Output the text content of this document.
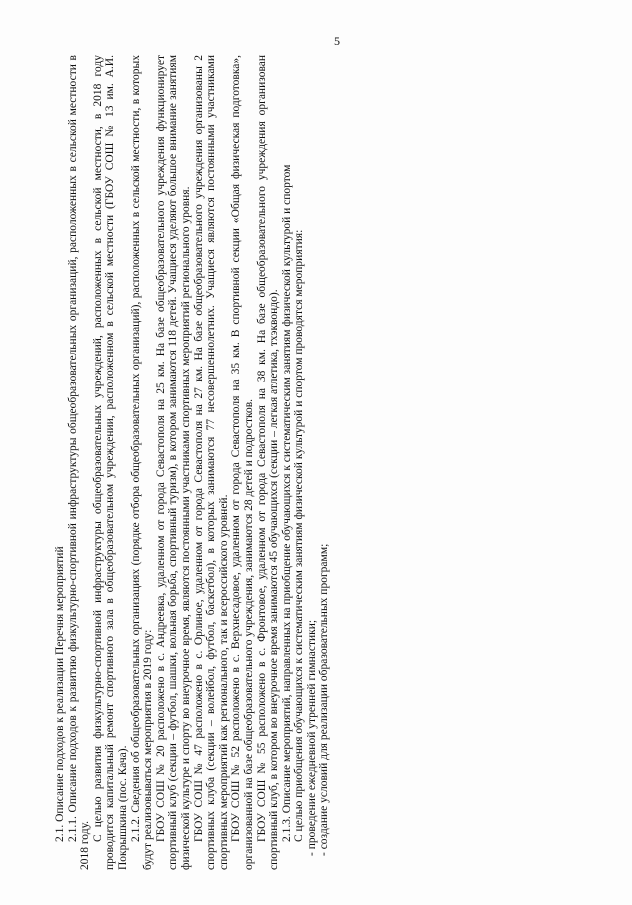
5

2.1. Описание подходов к реализации Перечня мероприятий 2.1.1. Описание подходов к развитию физкультурно-спортивной инфраструктуры общеобразовательных организаций, расположенных в сельской местности в 2018 году.

С целью развития физкультурно-спортивной инфраструктуры общеобразовательных учреждений, расположенных в сельской местности, в 2018 году проводится капитальный ремонт спортивного зала в общеобразовательном учреждении, расположенном в сельской местности (ГБОУ СОШ № 13 им. А.И. Покрышкина (пос. Кача). 2.1.2. Сведения об общеобразовательных организациях (порядке отбора общеобразовательных организаций), расположенных в сельской местности, в которых будут реализовываться мероприятия в 2019 году: ГБОУ СОШ № 20 расположено в с. Андреевка, удаленном от города Севастополя на 25 км. На базе общеобразовательного учреждения функционирует спортивный клуб (секции – футбол, шашки, вольная борьба, спортивный туризм), в котором занимаются 118 детей. Учащиеся уделяют большое внимание занятиям физической культуре и спорту во внеурочное время, являются постоянными участниками спортивных мероприятий регионального уровня. ГБОУ СОШ № 47 расположено в с. Орлиное, удаленном от города Севастополя на 27 км. На базе общеобразовательного учреждения организованы 2 спортивных клуба (секции – волейбол, футбол, баскетбол), в которых занимаются 77 несовершеннолетних. Учащиеся являются постоянными участниками спортивных мероприятий как регионального, так и всероссийского уровней. ГБОУ СОШ № 52 расположено в с. Верхнесадовое, удаленном от города Севастополя на 35 км. В спортивной секции «Общая физическая подготовка», организованной на базе общеобразовательного учреждения, занимаются 28 детей и подростков. ГБОУ СОШ № 55 расположено в с. Фронтовое, удаленном от города Севастополя на 38 км. На базе общеобразовательного учреждения организован спортивный клуб, в котором во внеурочное время занимаются 45 обучающихся (секции – легкая атлетика, тхэквондо). 2.1.3. Описание мероприятий, направленных на приобщение обучающихся к систематическим занятиям физической культурой и спортом С целью приобщения обучающихся к систематическим занятиям физической культурой и спортом проводятся мероприятия: - проведение ежедневной утренней гимнастики; - создание условий для реализации образовательных программ;
